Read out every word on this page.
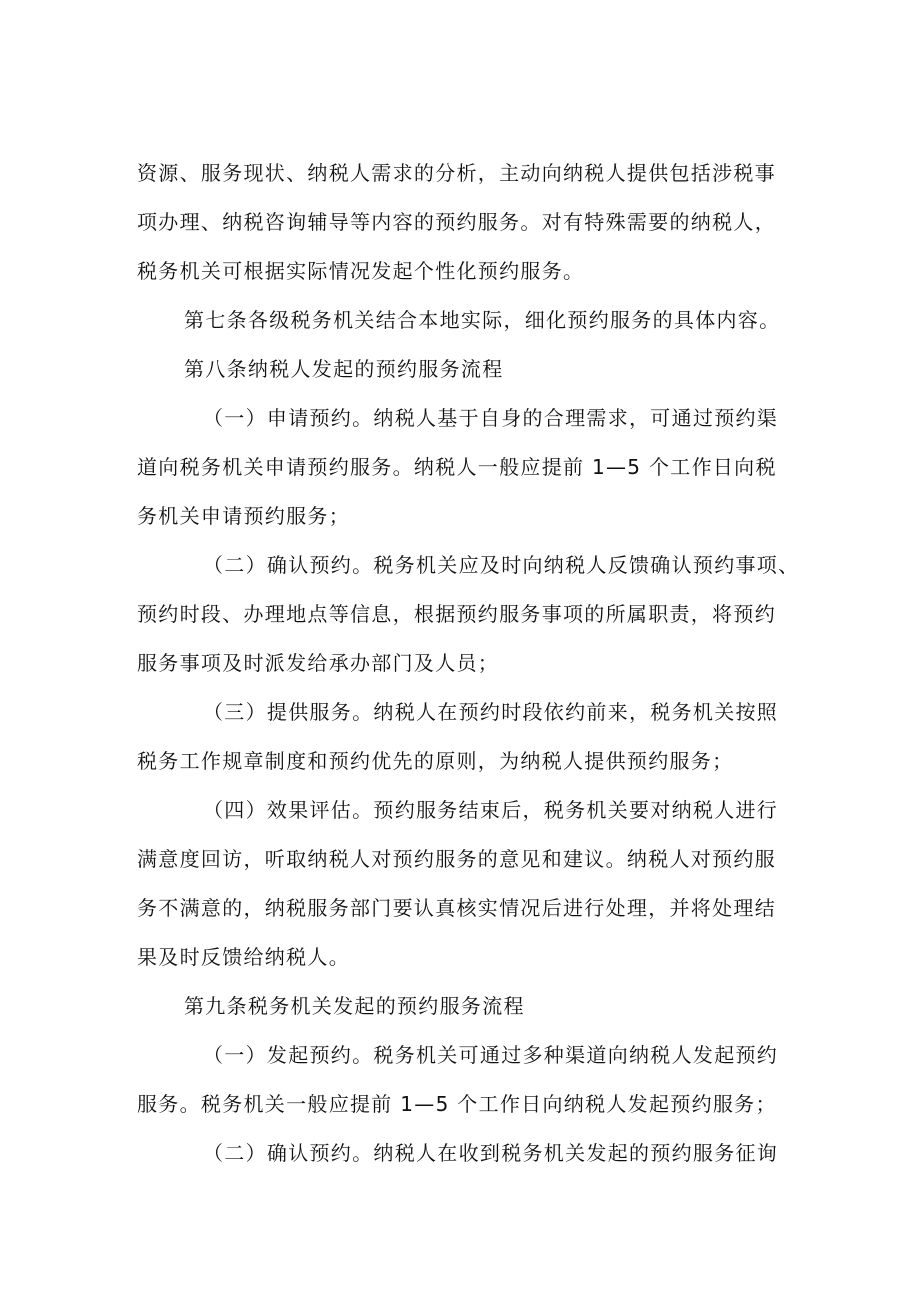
资源、服务现状、纳税人需求的分析，主动向纳税人提供包括涉税事
项办理、纳税咨询辅导等内容的预约服务。对有特殊需要的纳税人，
税务机关可根据实际情况发起个性化预约服务。
第七条各级税务机关结合本地实际，细化预约服务的具体内容。
第八条纳税人发起的预约服务流程
（一）申请预约。纳税人基于自身的合理需求，可通过预约渠
道向税务机关申请预约服务。纳税人一般应提前 1—5 个工作日向税
务机关申请预约服务；
（二）确认预约。税务机关应及时向纳税人反馈确认预约事项、
预约时段、办理地点等信息，根据预约服务事项的所属职责，将预约
服务事项及时派发给承办部门及人员；
（三）提供服务。纳税人在预约时段依约前来，税务机关按照
税务工作规章制度和预约优先的原则，为纳税人提供预约服务；
（四）效果评估。预约服务结束后，税务机关要对纳税人进行
满意度回访，听取纳税人对预约服务的意见和建议。纳税人对预约服
务不满意的，纳税服务部门要认真核实情况后进行处理，并将处理结
果及时反馈给纳税人。
第九条税务机关发起的预约服务流程
（一）发起预约。税务机关可通过多种渠道向纳税人发起预约
服务。税务机关一般应提前 1—5 个工作日向纳税人发起预约服务；
（二）确认预约。纳税人在收到税务机关发起的预约服务征询
